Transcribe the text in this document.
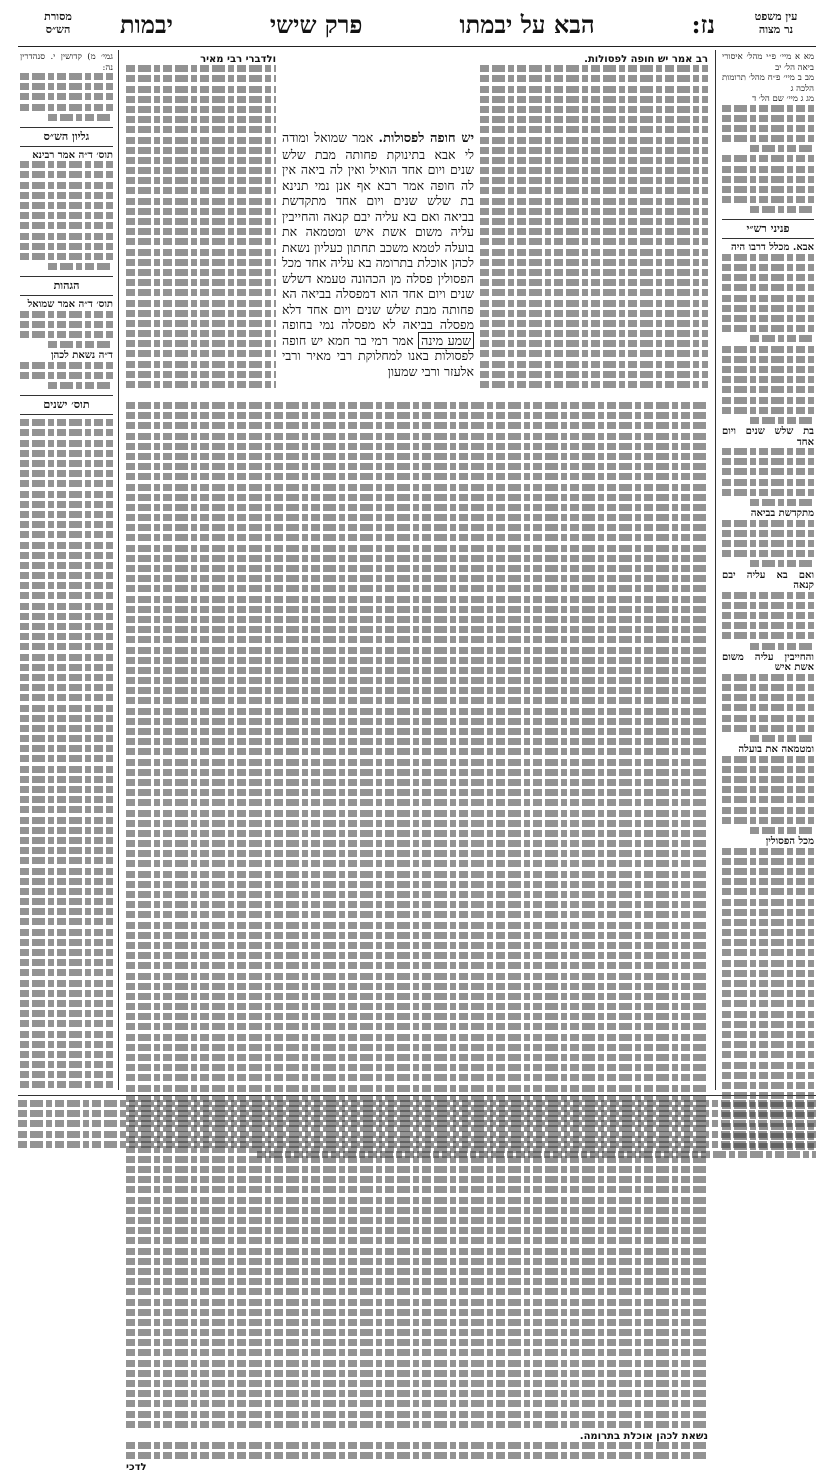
מסורת
הש״ס	נז:
הבא על יבמתו
פרק שישי
יבמות	עין משפט
נר מצוה
מא א מיי׳ פ״י מהל׳ איסורי ביאה הל׳ יב
מב ב מיי׳ פ״ח מהל׳ תרומות הלכה ג
מג ג מיי׳ שם הל׳ ד
פניני רש״י
אבא. מכלל דרבו היה
בת שלש שנים ויום אחד
מתקדשת בביאה
ואם בא עליה יבם קנאה
והחייבין עליה משום אשת איש
ומטמאה את בועלה
מכל הפסולין
גמי׳ מ) קדושין י. סנהדרין נה:
גליון הש״ס
תוס׳ ד״ה אמר רבינא
הגהות
תוס׳ ד״ה אמר שמואל
ד״ה נשאת לכהן
תוס׳ ישנים
רב אמר יש חופה לפסולות.
ולדברי רבי מאיר
יש חופה לפסולות. אמר שמואל ומודה לי אבא בתינוקת פחותה מבת שלש שנים ויום אחד הואיל ואין לה ביאה אין לה חופה אמר רבא אף אנן נמי תנינא בת שלש שנים ויום אחד מתקדשת בביאה ואם בא עליה יבם קנאה והחייבין עליה משום אשת איש ומטמאה את בועלה לטמא משכב תחתון כעליון נשאת לכהן אוכלת בתרומה בא עליה אחד מכל הפסולין פסלה מן הכהונה טעמא דשלש שנים ויום אחד הוא דמפסלה בביאה הא פחותה מבת שלש שנים ויום אחד דלא מפסלה בביאה לא מפסלה נמי בחופה שמע מינה אמר רמי בר חמא יש חופה לפסולות באנו למחלוקת רבי מאיר ורבי אלעזר ורבי שמעון
נשאת לכהן אוכלת בתרומה.
לדכי
